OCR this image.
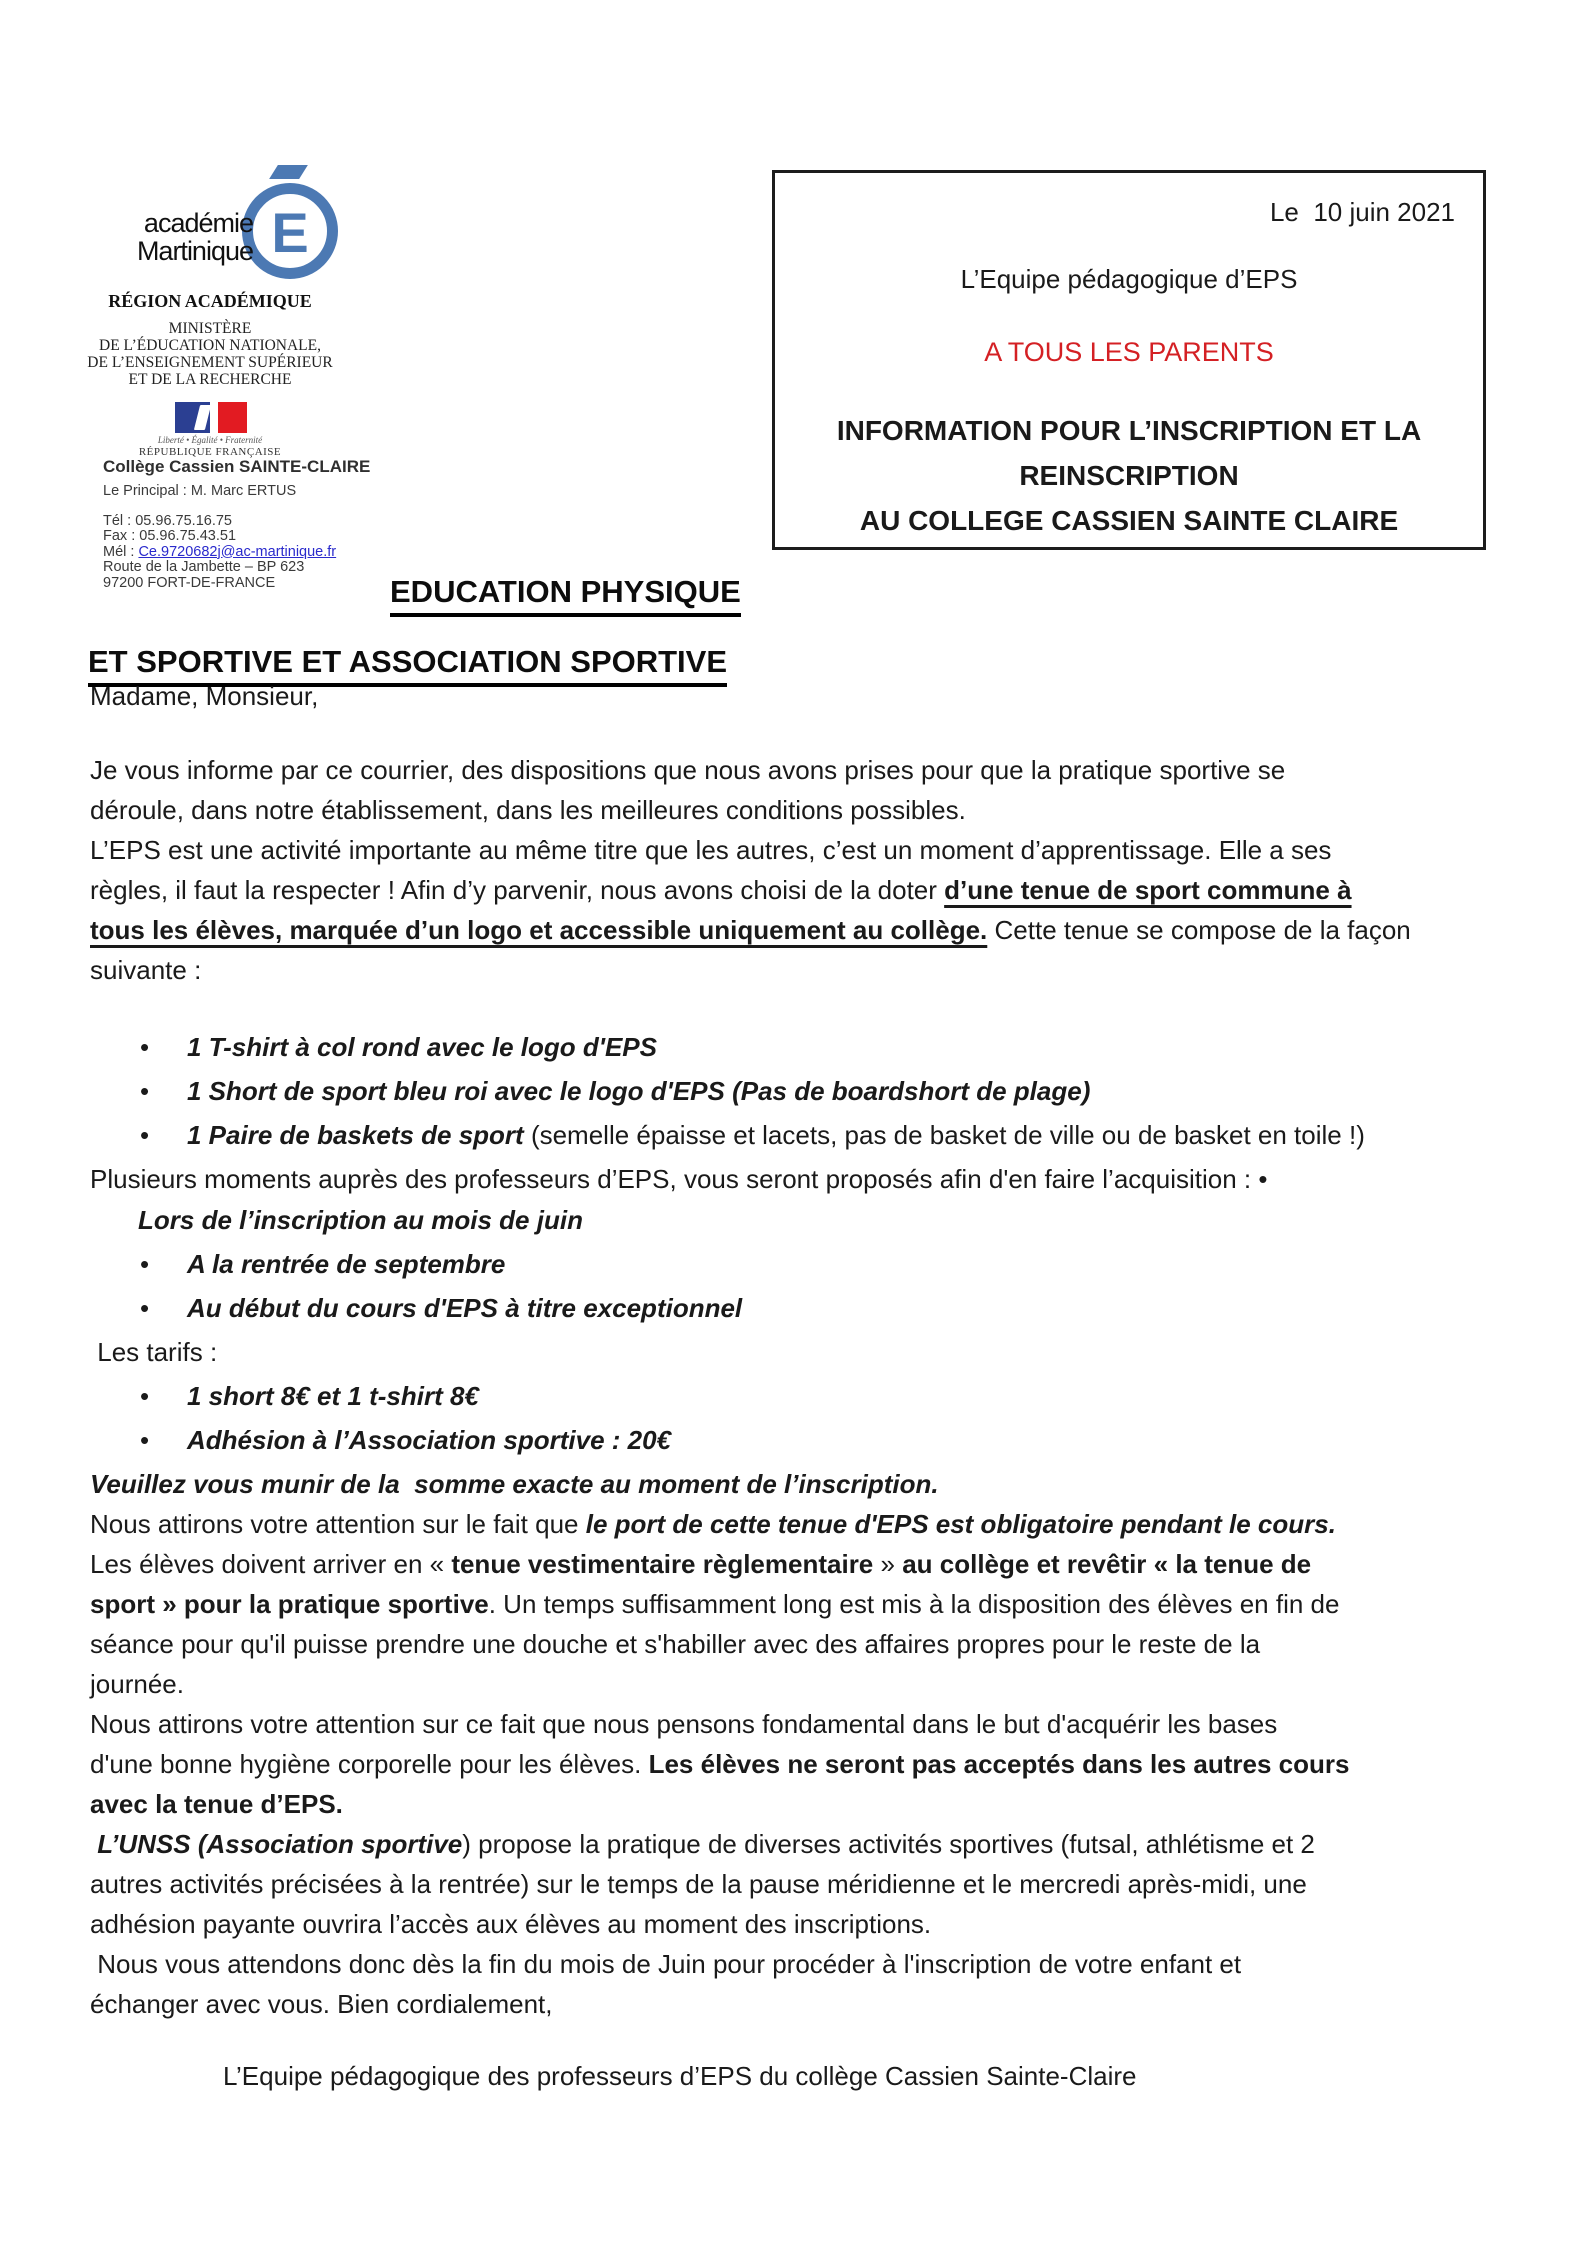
E
académie
Martinique
RÉGION ACADÉMIQUE
MINISTÈRE
DE L’ÉDUCATION NATIONALE,
DE L’ENSEIGNEMENT SUPÉRIEUR
ET DE LA RECHERCHE
Liberté • Égalité • Fraternité
RÉPUBLIQUE FRANÇAISE
Collège Cassien SAINTE-CLAIRE
Le Principal : M. Marc ERTUS
Tél : 05.96.75.16.75
Fax : 05.96.75.43.51
Mél : Ce.9720682j@ac-martinique.fr
Route de la Jambette – BP 623
97200 FORT-DE-FRANCE
Le  10 juin 2021
L’Equipe pédagogique d’EPS
A TOUS LES PARENTS
INFORMATION POUR L’INSCRIPTION ET LA
REINSCRIPTION
AU COLLEGE CASSIEN SAINTE CLAIRE
EDUCATION PHYSIQUE
ET SPORTIVE ET ASSOCIATION SPORTIVE
Madame, Monsieur,
Je vous informe par ce courrier, des dispositions que nous avons prises pour que la pratique sportive se
déroule, dans notre établissement, dans les meilleures conditions possibles.
L’EPS est une activité importante au même titre que les autres, c’est un moment d’apprentissage. Elle a ses
règles, il faut la respecter ! Afin d’y parvenir, nous avons choisi de la doter d’une tenue de sport commune à
tous les élèves, marquée d’un logo et accessible uniquement au collège. Cette tenue se compose de la façon
suivante :
• 1 T-shirt à col rond avec le logo d'EPS
• 1 Short de sport bleu roi avec le logo d'EPS (Pas de boardshort de plage)
• 1 Paire de baskets de sport (semelle épaisse et lacets, pas de basket de ville ou de basket en toile !)
Plusieurs moments auprès des professeurs d’EPS, vous seront proposés afin d'en faire l’acquisition : •
Lors de l’inscription au mois de juin
• A la rentrée de septembre
• Au début du cours d'EPS à titre exceptionnel
Les tarifs :
• 1 short 8€ et 1 t-shirt 8€
• Adhésion à l’Association sportive : 20€
Veuillez vous munir de la  somme exacte au moment de l’inscription.
Nous attirons votre attention sur le fait que le port de cette tenue d'EPS est obligatoire pendant le cours.
Les élèves doivent arriver en « tenue vestimentaire règlementaire » au collège et revêtir « la tenue de
sport » pour la pratique sportive. Un temps suffisamment long est mis à la disposition des élèves en fin de
séance pour qu'il puisse prendre une douche et s'habiller avec des affaires propres pour le reste de la
journée.
Nous attirons votre attention sur ce fait que nous pensons fondamental dans le but d'acquérir les bases
d'une bonne hygiène corporelle pour les élèves. Les élèves ne seront pas acceptés dans les autres cours
avec la tenue d’EPS.
L’UNSS (Association sportive) propose la pratique de diverses activités sportives (futsal, athlétisme et 2
autres activités précisées à la rentrée) sur le temps de la pause méridienne et le mercredi après-midi, une
adhésion payante ouvrira l’accès aux élèves au moment des inscriptions.
Nous vous attendons donc dès la fin du mois de Juin pour procéder à l'inscription de votre enfant et
échanger avec vous. Bien cordialement,
L’Equipe pédagogique des professeurs d’EPS du collège Cassien Sainte-Claire
